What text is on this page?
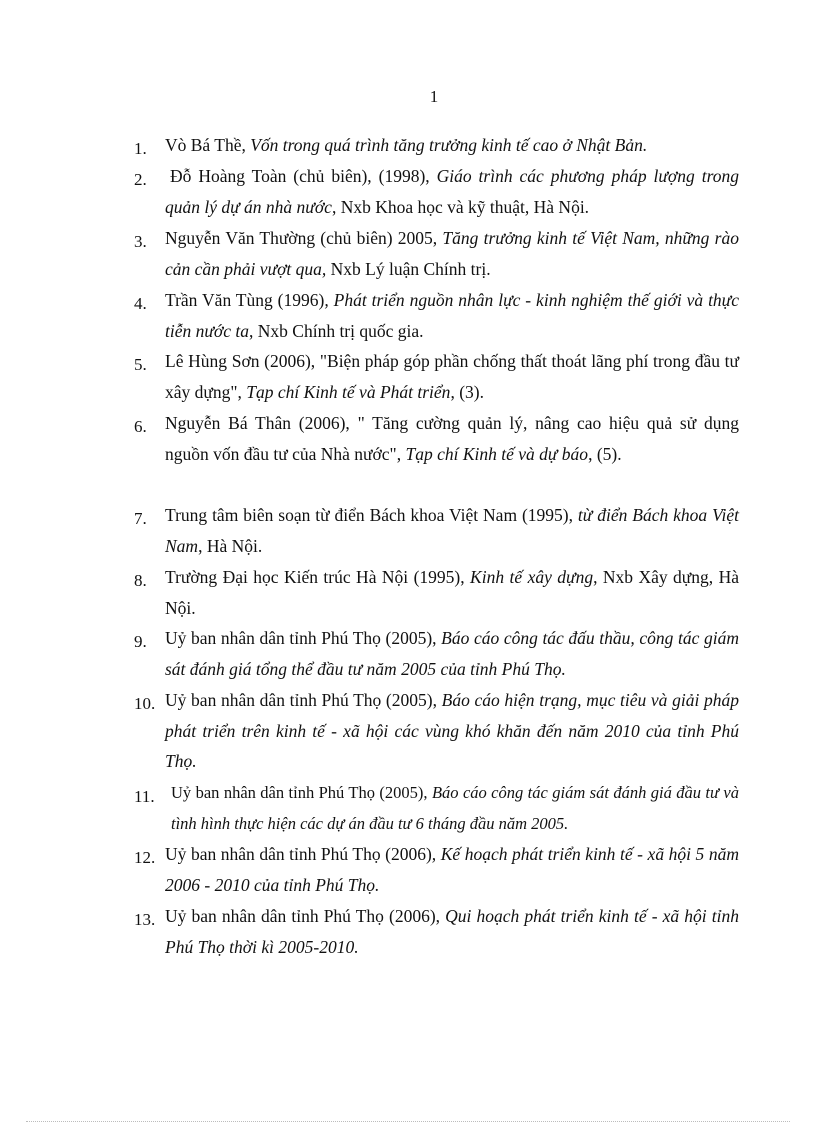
1
1. Vò Bá Thề, Vốn trong quá trình tăng trưởng kinh tế cao ở Nhật Bản.
2. Đỗ Hoàng Toàn (chủ biên), (1998), Giáo trình các phương pháp lượng trong quản lý dự án nhà nước, Nxb Khoa học và kỹ thuật, Hà Nội.
3. Nguyễn Văn Thường (chủ biên) 2005, Tăng trưởng kinh tế Việt Nam, những rào cản cần phải vượt qua, Nxb Lý luận Chính trị.
4. Trần Văn Tùng (1996), Phát triển nguồn nhân lực - kinh nghiệm thế giới và thực tiễn nước ta, Nxb Chính trị quốc gia.
5. Lê Hùng Sơn (2006), "Biện pháp góp phần chống thất thoát lãng phí trong đầu tư xây dựng", Tạp chí Kinh tế và Phát triển, (3).
6. Nguyễn Bá Thân (2006), " Tăng cường quản lý, nâng cao hiệu quả sử dụng nguồn vốn đầu tư của Nhà nước", Tạp chí Kinh tế và dự báo, (5).
7. Trung tâm biên soạn từ điển Bách khoa Việt Nam (1995), từ điển Bách khoa Việt Nam, Hà Nội.
8. Trường Đại học Kiến trúc Hà Nội (1995), Kinh tế xây dựng, Nxb Xây dựng, Hà Nội.
9. Uỷ ban nhân dân tỉnh Phú Thọ (2005), Báo cáo công tác đấu thầu, công tác giám sát đánh giá tổng thể đầu tư năm 2005 của tỉnh Phú Thọ.
10. Uỷ ban nhân dân tỉnh Phú Thọ (2005), Báo cáo hiện trạng, mục tiêu và giải pháp phát triển trên kinh tế - xã hội các vùng khó khăn đến năm 2010 của tỉnh Phú Thọ.
11. Uỷ ban nhân dân tỉnh Phú Thọ (2005), Báo cáo công tác giám sát đánh giá đầu tư và tình hình thực hiện các dự án đầu tư 6 tháng đầu năm 2005.
12. Uỷ ban nhân dân tỉnh Phú Thọ (2006), Kế hoạch phát triển kinh tế - xã hội 5 năm 2006 - 2010 của tỉnh Phú Thọ.
13. Uỷ ban nhân dân tỉnh Phú Thọ (2006), Qui hoạch phát triển kinh tế - xã hội tỉnh Phú Thọ thời kì 2005-2010.
